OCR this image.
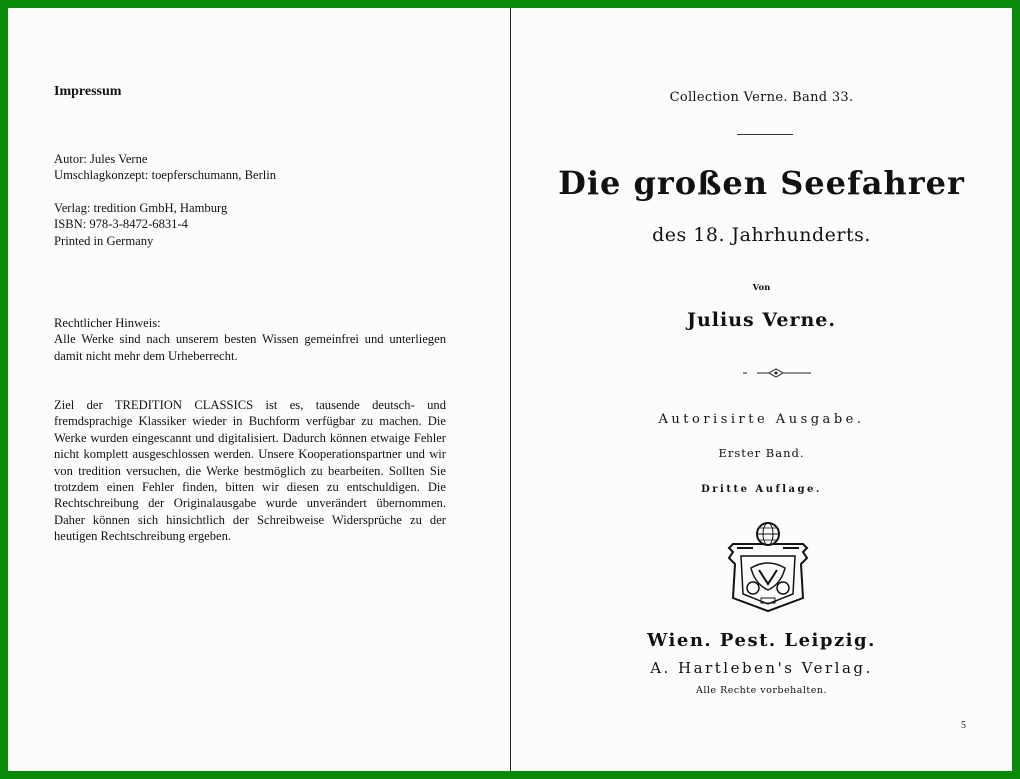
Impressum
Autor: Jules Verne
Umschlagkonzept: toepferschumann, Berlin
Verlag: tredition GmbH, Hamburg
ISBN: 978-3-8472-6831-4
Printed in Germany
Rechtlicher Hinweis:
Alle Werke sind nach unserem besten Wissen gemeinfrei und unterliegen damit nicht mehr dem Urheberrecht.
Ziel der TREDITION CLASSICS ist es, tausende deutsch- und fremdsprachige Klassiker wieder in Buchform verfügbar zu machen. Die Werke wurden eingescannt und digitalisiert. Dadurch können etwaige Fehler nicht komplett ausgeschlossen werden. Unsere Kooperationspartner und wir von tredition versuchen, die Werke bestmöglich zu bearbeiten. Sollten Sie trotzdem einen Fehler finden, bitten wir diesen zu entschuldigen. Die Rechtschreibung der Originalausgabe wurde unverändert übernommen. Daher können sich hinsichtlich der Schreibweise Widersprüche zu der heutigen Rechtschreibung ergeben.
Collection Verne. Band 33.
Die großen Seefahrer
des 18. Jahrhunderts.
Von
Julius Verne.
Autorisirte Ausgabe.
Erster Band.
Dritte Auflage.
Wien. Pest. Leipzig.
A. Hartleben's Verlag.
Alle Rechte vorbehalten.
5
